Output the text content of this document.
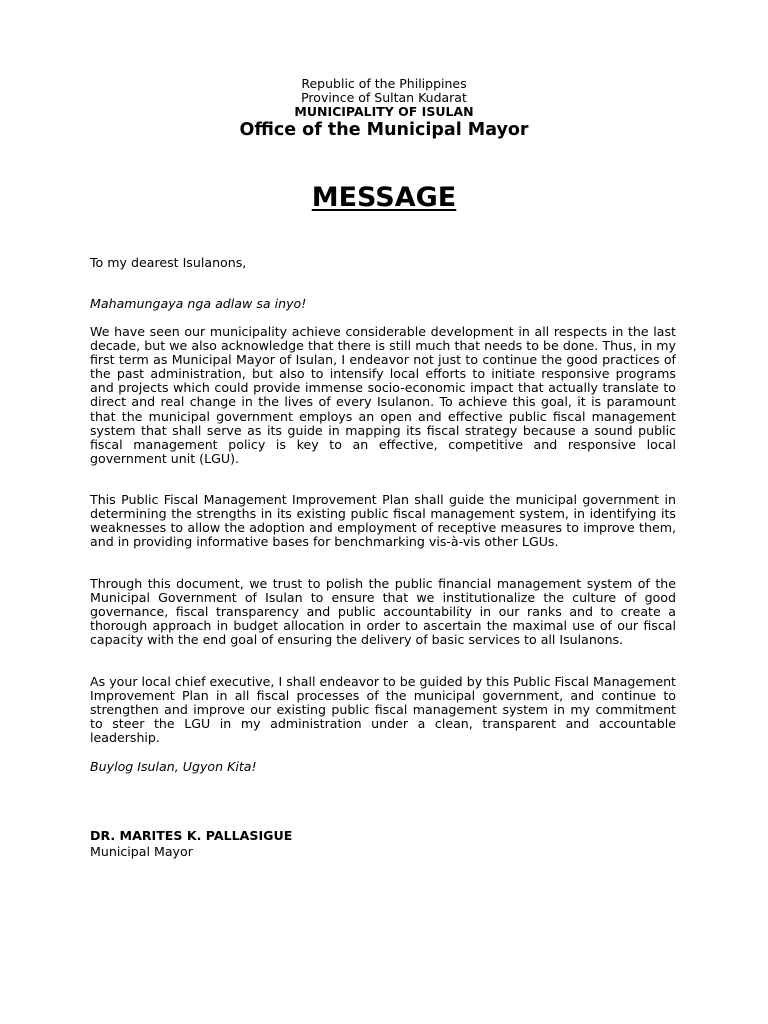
Republic of the Philippines
Province of Sultan Kudarat
MUNICIPALITY OF ISULAN
Office of the Municipal Mayor
MESSAGE

To my dearest Isulanons,

Mahamungaya nga adlaw sa inyo!

We have seen our municipality achieve considerable development in all respects in the last decade, but we also acknowledge that there is still much that needs to be done. Thus, in my first term as Municipal Mayor of Isulan, I endeavor not just to continue the good practices of the past administration, but also to intensify local efforts to initiate responsive programs and projects which could provide immense socio-economic impact that actually translate to direct and real change in the lives of every Isulanon. To achieve this goal, it is paramount that the municipal government employs an open and effective public fiscal management system that shall serve as its guide in mapping its fiscal strategy because a sound public fiscal management policy is key to an effective, competitive and responsive local government unit (LGU).

This Public Fiscal Management Improvement Plan shall guide the municipal government in determining the strengths in its existing public fiscal management system, in identifying its weaknesses to allow the adoption and employment of receptive measures to improve them, and in providing informative bases for benchmarking vis-à-vis other LGUs.

Through this document, we trust to polish the public financial management system of the Municipal Government of Isulan to ensure that we institutionalize the culture of good governance, fiscal transparency and public accountability in our ranks and to create a thorough approach in budget allocation in order to ascertain the maximal use of our fiscal capacity with the end goal of ensuring the delivery of basic services to all Isulanons.

As your local chief executive, I shall endeavor to be guided by this Public Fiscal Management Improvement Plan in all fiscal processes of the municipal government, and continue to strengthen and improve our existing public fiscal management system in my commitment to steer the LGU in my administration under a clean, transparent and accountable leadership.

Buylog Isulan, Ugyon Kita!

DR. MARITES K. PALLASIGUE

Municipal Mayor
